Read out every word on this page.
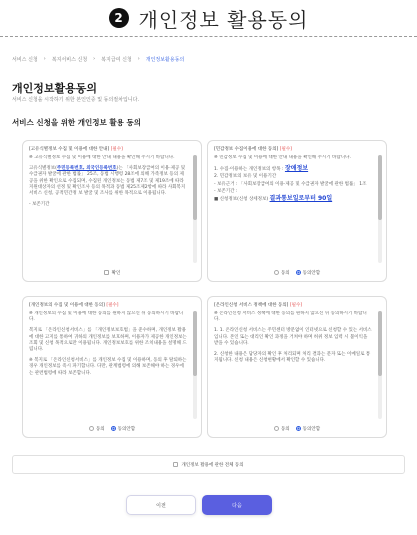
2 개인정보 활용동의
서비스 신청 › 복지서비스 신청 › 복지급여 신청 › 개인정보활용동의
개인정보활용동의
서비스 신청을 시작하기 위한 본인인증 및 동의절차입니다.
서비스 신청을 위한 개인정보 활용 동의
[고유식별정보 수집 및 이용에 대한 안내] [필수]

※ 고유식별정보 수집 및 이용에 대한 안내 내용을 확인해 주시기 바랍니다.

고유식별정보(주민등록번호, 외국인등록번호)는 「사회보장급여의 이용·제공 및 수급권자 발굴에 관한 법률」 25조, 동법 시행령 28조에 의해 가족정보 등의 제공을 위한 확인으로 수집되며, 수집된 개인정보는 동법 제7조 및 제19조에 따라 지원대상자의 선정 및 확인조사 등의 목적과 동법 제25조제2항에 따라 사회복지서비스 신청, 공적민간정 보 발굴 및 조사를 위한 목적으로 이용됩니다.

- 보존기간

확인
[민감정보 수집이용에 대한 동의] [필수]

※ 민감정보 수집 및 이용에 대한 안내 내용을 확인해 주시기 바랍니다.

1. 수집·이용하는 개인정보의 항목 : 장애정보

2. 민감정보의 보유 및 이용기간

- 보유근거 : 「사회보장급여의 이용·제공 및 수급권자 발굴에 관한 법률」 1조

- 보존기간 :

■ 신청정보(신청 상세정보) 결과통보일로부터 90일

동의	동의안함
[개인정보의 수집 및 이용에 대한 동의] [필수]

※ 개인정보의 수집 및 이용에 대한 동의를 원하지 않으신 뒤 동의하시기 바랍니다.

복지로 「온라인신청서비스」를 「개인정보보호법」을 준수하며, 개인정보 활용에 대한 고지를 통하여 귀하의 개인정보를 보호하며, 이용자가 제공한 개인정보는 조회 및 신청 목적으로만 이용됩니다. 개인정보보호를 위한 조치내용을 설명해 드립니다.

※ 복지로 「온라인신청서비스」를 개인정보 수집 및 이용하며, 동의 후 탈퇴하는 경우 개인정보를 즉시 파기합니다. 다만, 관계법령에 의해 보존해야 하는 경우에는 관련법령에 따라 보존합니다.

동의	동의안함
[온라인신청 서비스 정책에 대한 동의] [필수]

※ 온라인신청 서비스 정책에 대한 동의를 원하지 않으신 뒤 동의하시기 바랍니다.

1. 1. 온라인신청 서비스는 주민센터 방문없이 인터넷으로 신청할 수 있는 서비스입니다. 본인 또는 대리인 확인 과정을 거쳐야 하며 허위 정보 입력 시 불이익을 받을 수 있습니다.

2. 신청한 내용은 담당자의 확인 후 처리되며 처리 결과는 문자 또는 이메일로 통지됩니다. 신청 내용은 신청현황에서 확인할 수 있습니다.

동의	동의안함
개인정보 활용에 관한 전체 동의
이전	다음
